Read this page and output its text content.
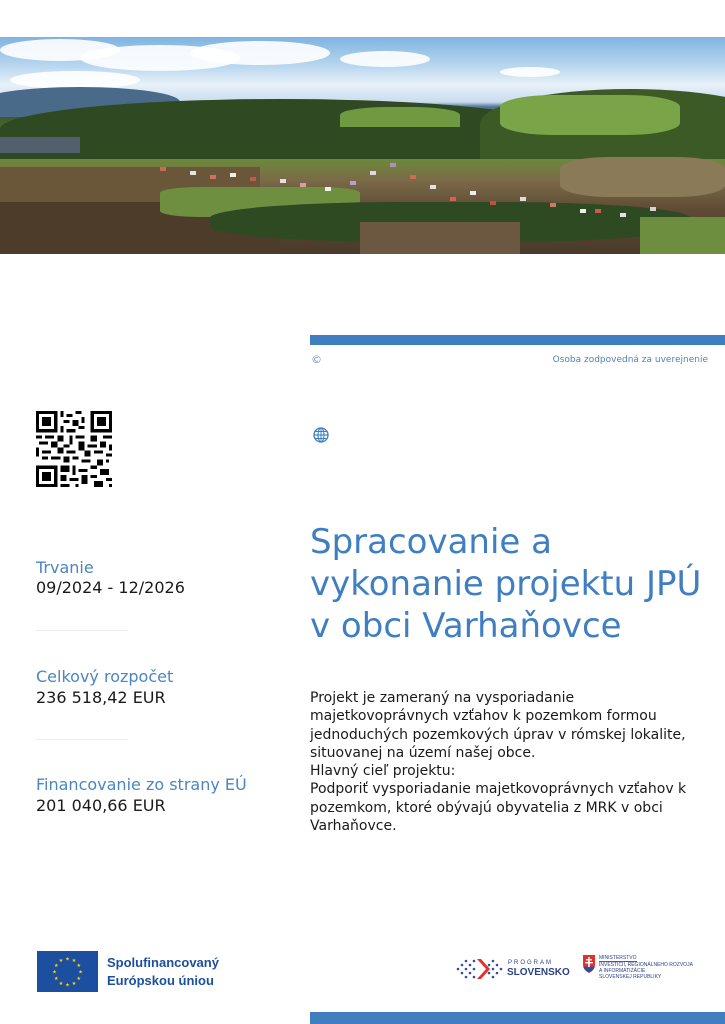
©	Osoba zodpovedná za uverejnenie
Trvanie
09/2024 - 12/2026
Celkový rozpočet
236 518,42 EUR
Financovanie zo strany EÚ
201 040,66 EUR
Spracovanie a vykonanie projektu JPÚ v obci Varhaňovce
Projekt je zameraný na vysporiadanie majetkovoprávnych vzťahov k pozemkom formou jednoduchých pozemkových úprav v rómskej lokalite, situovanej na území našej obce.
Hlavný cieľ projektu:
Podporiť vysporiadanie majetkovoprávnych vzťahov k pozemkom, ktoré obývajú obyvatelia z MRK v obci Varhaňovce.
★ ★
★
★
★
★
★
★
★
★
★
★	Spolufinancovaný
Európskou úniou
PROGRAM
SLOVENSKO
MINISTERSTVO
INVESTÍCIÍ, REGIONÁLNEHO ROZVOJA
A INFORMATIZÁCIE
SLOVENSKEJ REPUBLIKY
